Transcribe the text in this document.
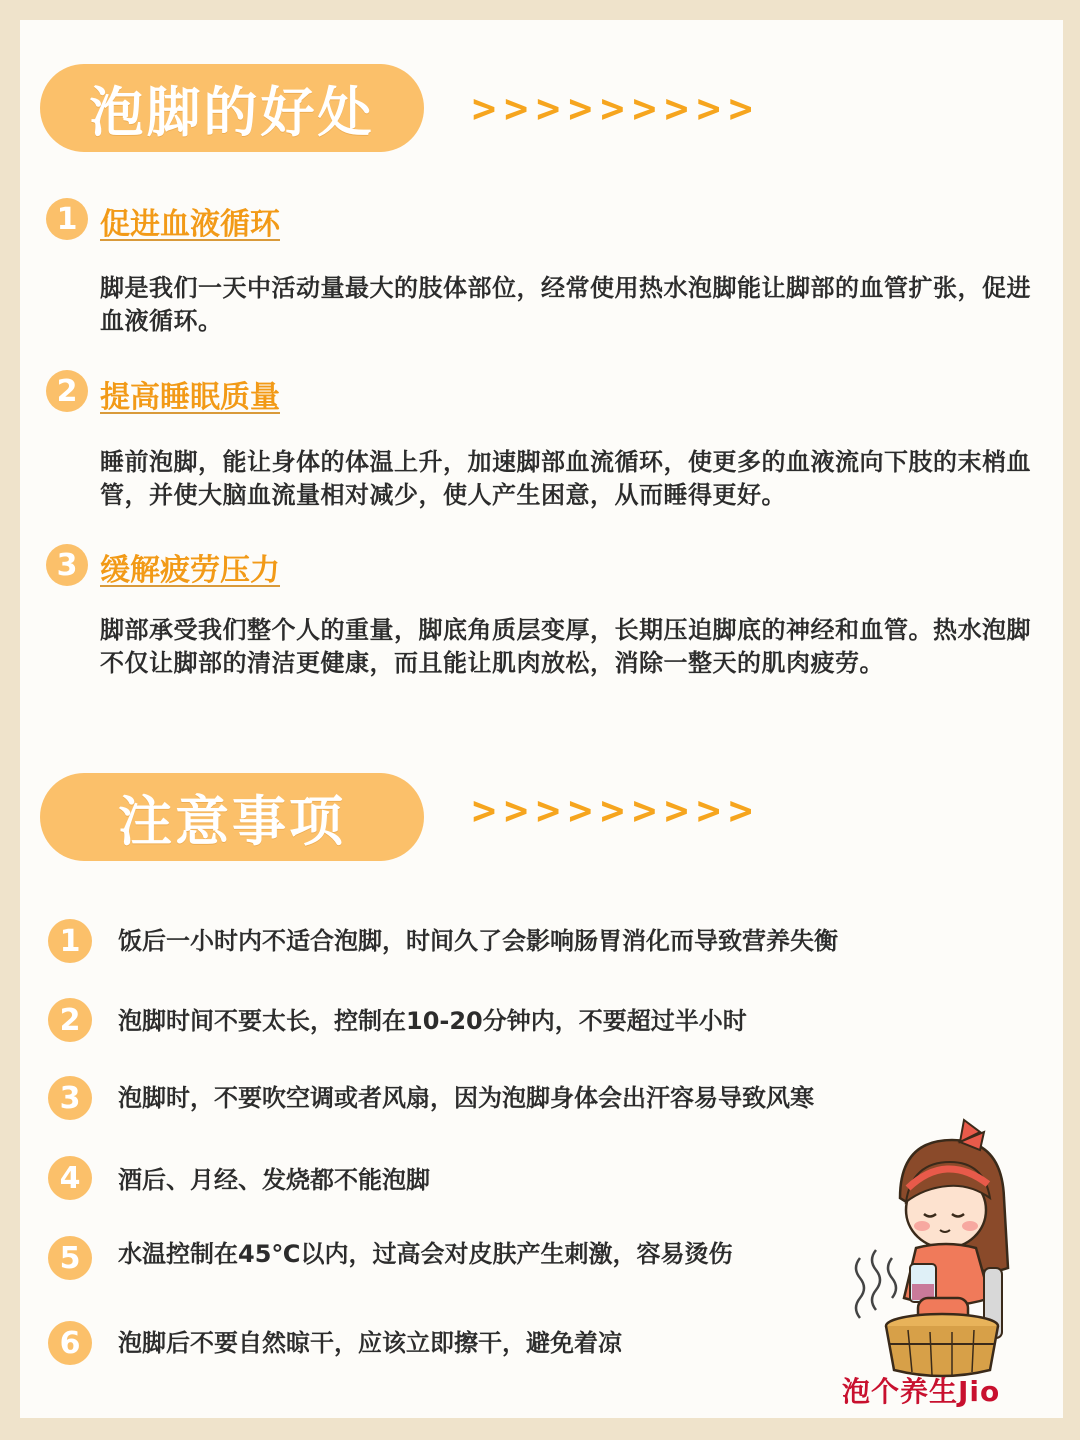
泡脚的好处 >>>>>>>>>
1 促进血液循环
脚是我们一天中活动量最大的肢体部位，经常使用热水泡脚能让脚部的血管扩张，促进血液循环。
2 提高睡眠质量
睡前泡脚，能让身体的体温上升，加速脚部血流循环，使更多的血液流向下肢的末梢血管，并使大脑血流量相对减少，使人产生困意，从而睡得更好。
3 缓解疲劳压力
脚部承受我们整个人的重量，脚底角质层变厚，长期压迫脚底的神经和血管。热水泡脚不仅让脚部的清洁更健康，而且能让肌肉放松，消除一整天的肌肉疲劳。
注意事项	>>>>>>>>>
1	饭后一小时内不适合泡脚，时间久了会影响肠胃消化而导致营养失衡
2	泡脚时间不要太长，控制在10-20分钟内，不要超过半小时
3	泡脚时，不要吹空调或者风扇，因为泡脚身体会出汗容易导致风寒
4	酒后、月经、发烧都不能泡脚
5	水温控制在45℃以内，过高会对皮肤产生刺激，容易烫伤
6	泡脚后不要自然晾干，应该立即擦干，避免着凉
泡个养生Jio
